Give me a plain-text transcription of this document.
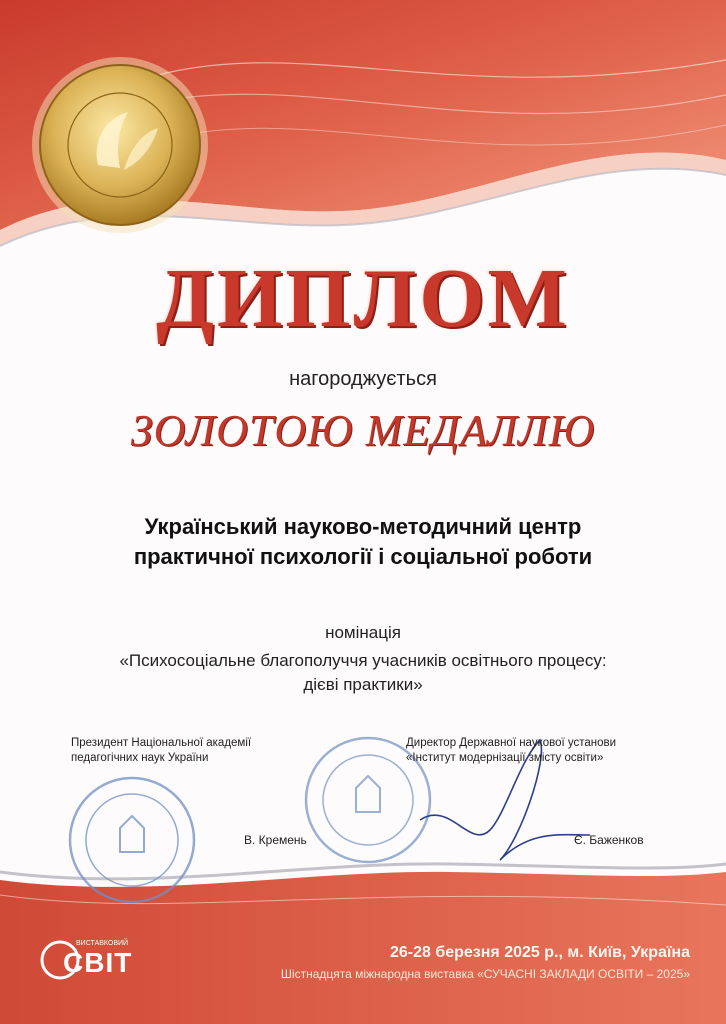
ДИПЛОМ
нагороджується
ЗОЛОТОЮ МЕДАЛЛЮ
Український науково-методичний центр
практичної психології і соціальної роботи
номінація
«Психосоціальне благополуччя учасників освітнього процесу:
дієві практики»
Президент Національної академії
педагогічних наук України
В. Кремень
Директор Державної наукової установи
«Інститут модернізації змісту освіти»
Є. Баженков
ВИСТАВКОВИЙ
СВІТ	26-28 березня 2025 р., м. Київ, Україна
Шістнадцята міжнародна виставка «СУЧАСНІ ЗАКЛАДИ ОСВІТИ – 2025»
